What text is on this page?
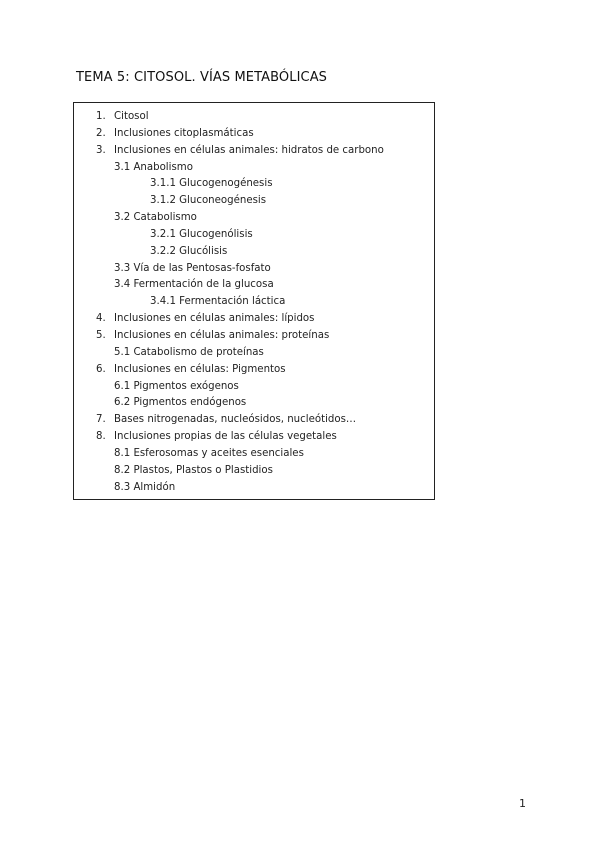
TEMA 5: CITOSOL. VÍAS METABÓLICAS
1. Citosol
2. Inclusiones citoplasmáticas
3. Inclusiones en células animales: hidratos de carbono
3.1 Anabolismo
3.1.1 Glucogenogénesis
3.1.2 Gluconeogénesis
3.2 Catabolismo
3.2.1 Glucogenólisis
3.2.2 Glucólisis
3.3 Vía de las Pentosas-fosfato
3.4 Fermentación de la glucosa
3.4.1 Fermentación láctica
4. Inclusiones en células animales: lípidos
5. Inclusiones en células animales: proteínas
5.1 Catabolismo de proteínas
6. Inclusiones en células: Pigmentos
6.1 Pigmentos exógenos
6.2 Pigmentos endógenos
7. Bases nitrogenadas, nucleósidos, nucleótidos…
8. Inclusiones propias de las células vegetales
8.1 Esferosomas y aceites esenciales
8.2 Plastos, Plastos o Plastidios
8.3 Almidón
1
